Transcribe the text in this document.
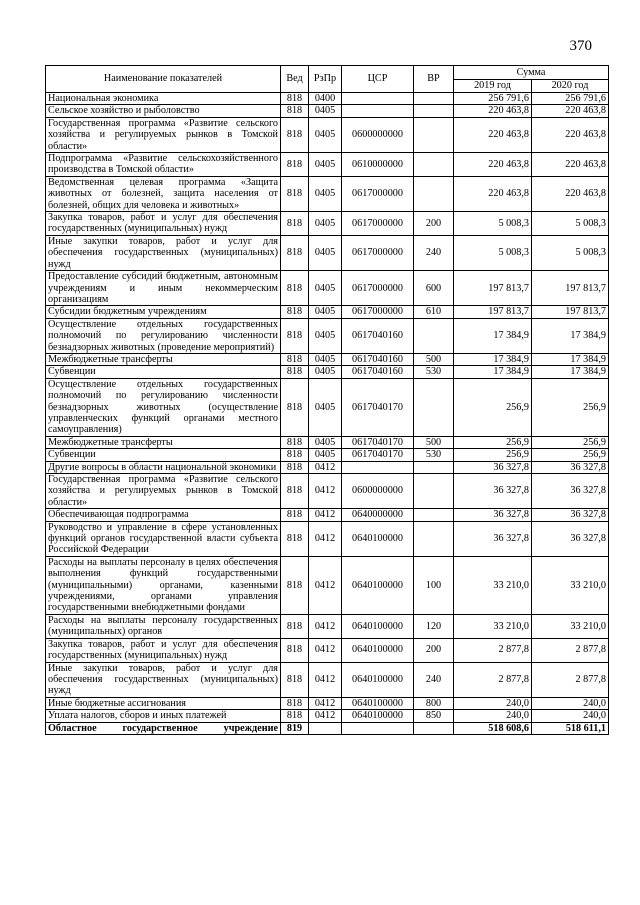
370
Наименование показателей	Вед	РзПр	ЦСР	ВР	Сумма	
					2019 год	2020 год
Национальная экономика	818	0400			256 791,6	256 791,6
Сельское хозяйство и рыболовство	818	0405			220 463,8	220 463,8
Государственная программа «Развитие сельского хозяйства и регулируемых рынков в Томской области»	818	0405	0600000000		220 463,8	220 463,8
Подпрограмма «Развитие сельскохозяйственного производства в Томской области»	818	0405	0610000000		220 463,8	220 463,8
Ведомственная целевая программа «Защита животных от болезней, защита населения от болезней, общих для человека и животных»	818	0405	0617000000		220 463,8	220 463,8
Закупка товаров, работ и услуг для обеспечения государственных (муниципальных) нужд	818	0405	0617000000	200	5 008,3	5 008,3
Иные закупки товаров, работ и услуг для обеспечения государственных (муниципальных) нужд	818	0405	0617000000	240	5 008,3	5 008,3
Предоставление субсидий бюджетным, автономным учреждениям и иным некоммерческим организациям	818	0405	0617000000	600	197 813,7	197 813,7
Субсидии бюджетным учреждениям	818	0405	0617000000	610	197 813,7	197 813,7
Осуществление отдельных государственных полномочий по регулированию численности безнадзорных животных (проведение мероприятий)	818	0405	0617040160		17 384,9	17 384,9
Межбюджетные трансферты	818	0405	0617040160	500	17 384,9	17 384,9
Субвенции	818	0405	0617040160	530	17 384,9	17 384,9
Осуществление отдельных государственных полномочий по регулированию численности безнадзорных животных (осуществление управленческих функций органами местного самоуправления)	818	0405	0617040170		256,9	256,9
Межбюджетные трансферты	818	0405	0617040170	500	256,9	256,9
Субвенции	818	0405	0617040170	530	256,9	256,9
Другие вопросы в области национальной экономики	818	0412			36 327,8	36 327,8
Государственная программа «Развитие сельского хозяйства и регулируемых рынков в Томской области»	818	0412	0600000000		36 327,8	36 327,8
Обеспечивающая подпрограмма	818	0412	0640000000		36 327,8	36 327,8
Руководство и управление в сфере установленных функций органов государственной власти субъекта Российской Федерации	818	0412	0640100000		36 327,8	36 327,8
Расходы на выплаты персоналу в целях обеспечения выполнения функций государственными (муниципальными) органами, казенными учреждениями, органами управления государственными внебюджетными фондами	818	0412	0640100000	100	33 210,0	33 210,0
Расходы на выплаты персоналу государственных (муниципальных) органов	818	0412	0640100000	120	33 210,0	33 210,0
Закупка товаров, работ и услуг для обеспечения государственных (муниципальных) нужд	818	0412	0640100000	200	2 877,8	2 877,8
Иные закупки товаров, работ и услуг для обеспечения государственных (муниципальных) нужд	818	0412	0640100000	240	2 877,8	2 877,8
Иные бюджетные ассигнования	818	0412	0640100000	800	240,0	240,0
Уплата налогов, сборов и иных платежей	818	0412	0640100000	850	240,0	240,0
Областное государственное учреждение	819				518 608,6	518 611,1
